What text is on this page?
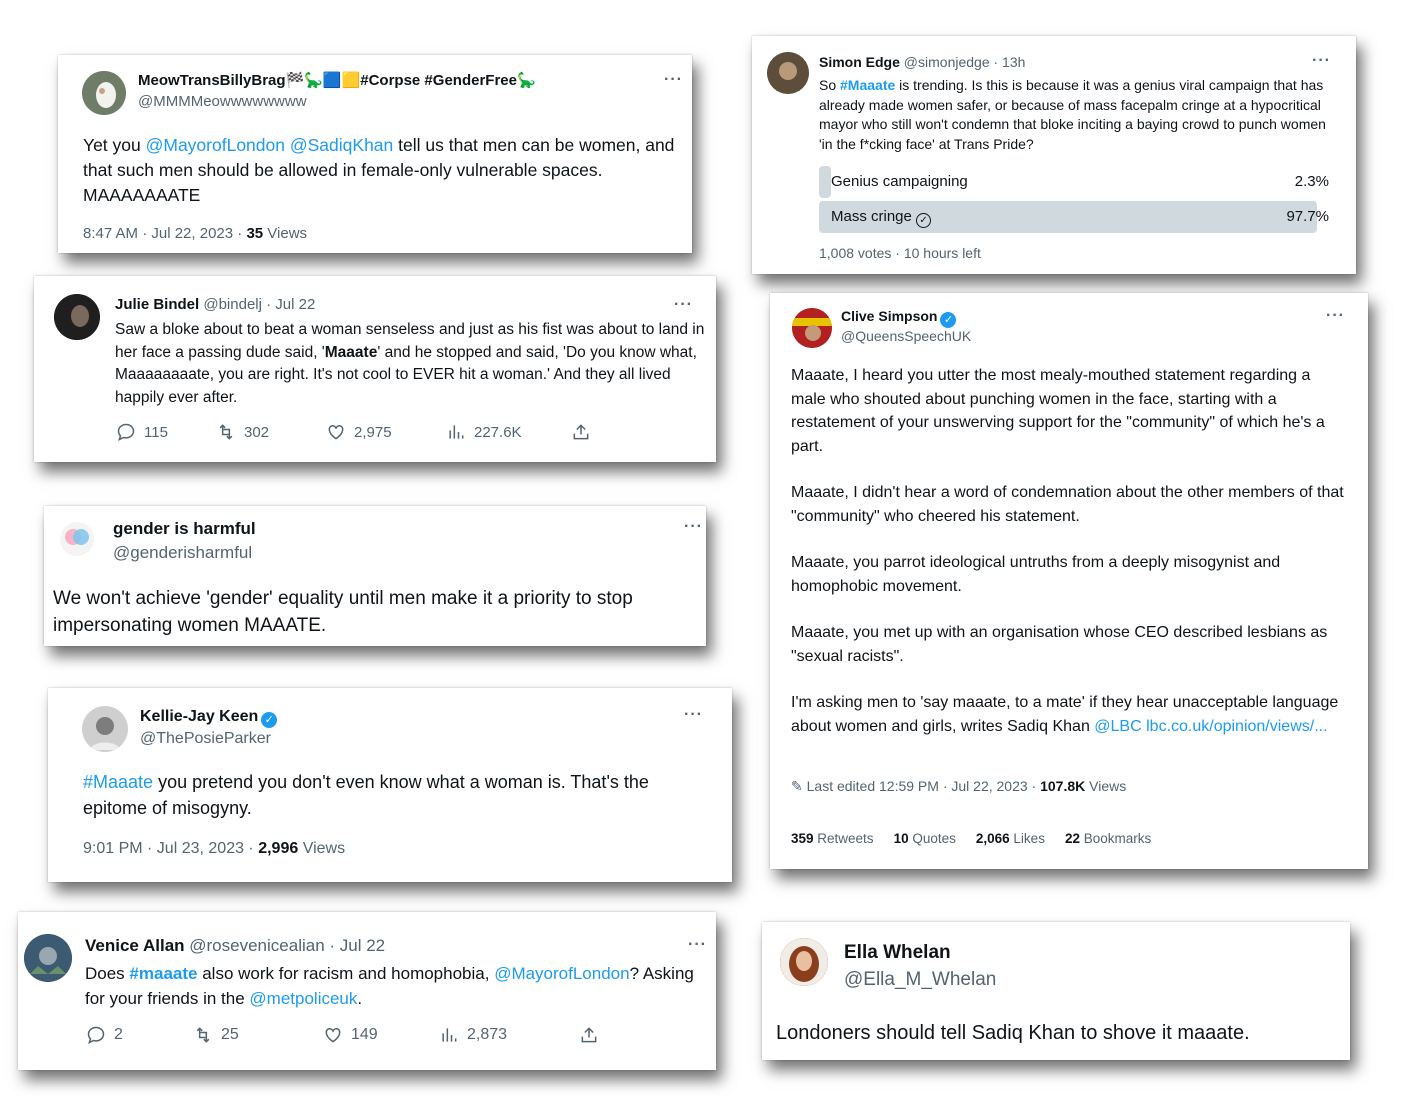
MeowTransBillyBrag🏁🦕🟦🟨#Corpse #GenderFree🦕
@MMMMeowwwwwwww
···
Yet you @MayorofLondon @SadiqKhan tell us that men can be women, and that such men should be allowed in female-only vulnerable spaces. MAAAAAAATE
8:47 AM · Jul 22, 2023 · 35 Views
Julie Bindel @bindelj · Jul 22	···
Saw a bloke about to beat a woman senseless and just as his fist was about to land in her face a passing dude said, 'Maaate' and he stopped and said, 'Do you know what, Maaaaaaaate, you are right. It's not cool to EVER hit a woman.' And they all lived happily ever after.
115	302	2,975	227.6K
gender is harmful
@genderisharmful
···
We won't achieve 'gender' equality until men make it a priority to stop impersonating women MAAATE.
Kellie-Jay Keen ✓
@ThePosieParker
···
#Maaate you pretend you don't even know what a woman is. That's the epitome of misogyny.
9:01 PM · Jul 23, 2023 · 2,996 Views
Venice Allan @rosevenicealian · Jul 22	···
Does #maaate also work for racism and homophobia, @MayorofLondon? Asking for your friends in the @metpoliceuk.
2	25	149	2,873
Simon Edge @simonjedge · 13h	···
So #Maaate is trending. Is this is because it was a genius viral campaign that has already made women safer, or because of mass facepalm cringe at a hypocritical mayor who still won't condemn that bloke inciting a baying crowd to punch women 'in the f*cking face' at Trans Pride?
Genius campaigning	2.3%
Mass cringe ✓	97.7%
1,008 votes · 10 hours left
Clive Simpson ✓
@QueensSpeechUK
···
Maaate, I heard you utter the most mealy-mouthed statement regarding a male who shouted about punching women in the face, starting with a restatement of your unswerving support for the "community" of which he's a part.
Maaate, I didn't hear a word of condemnation about the other members of that "community" who cheered his statement.
Maaate, you parrot ideological untruths from a deeply misogynist and homophobic movement.
Maaate, you met up with an organisation whose CEO described lesbians as "sexual racists".
I'm asking men to 'say maaate, to a mate' if they hear unacceptable language about women and girls, writes Sadiq Khan @LBC lbc.co.uk/opinion/views/...
✎ Last edited 12:59 PM · Jul 22, 2023 · 107.8K Views
359 Retweets 10 Quotes 2,066 Likes 22 Bookmarks
Ella Whelan
@Ella_M_Whelan
Londoners should tell Sadiq Khan to shove it maaate.
